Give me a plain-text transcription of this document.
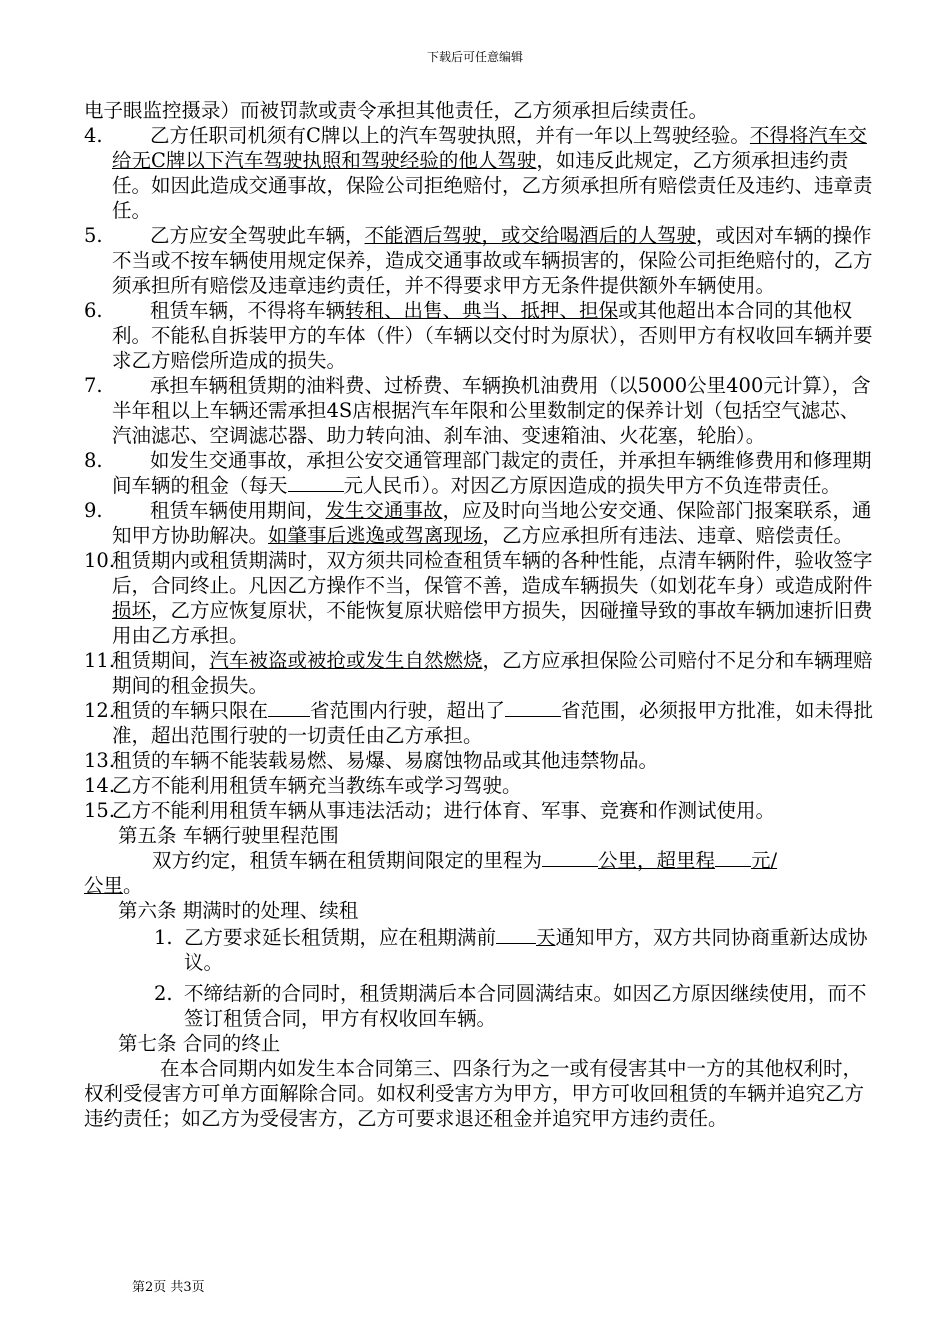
下载后可任意编辑

电子眼监控摄录）而被罚款或责令承担其他责任，乙方须承担后续责任。

4. 乙方任职司机须有C牌以上的汽车驾驶执照，并有一年以上驾驶经验。不得将汽车交给无C牌以下汽车驾驶执照和驾驶经验的他人驾驶，如违反此规定，乙方须承担违约责任。如因此造成交通事故，保险公司拒绝赔付，乙方须承担所有赔偿责任及违约、违章责任。
5. 乙方应安全驾驶此车辆，不能酒后驾驶，或交给喝酒后的人驾驶，或因对车辆的操作不当或不按车辆使用规定保养，造成交通事故或车辆损害的，保险公司拒绝赔付的，乙方须承担所有赔偿及违章违约责任，并不得要求甲方无条件提供额外车辆使用。
6. 租赁车辆，不得将车辆转租、出售、典当、抵押、担保或其他超出本合同的其他权利。不能私自拆装甲方的车体（件）（车辆以交付时为原状），否则甲方有权收回车辆并要求乙方赔偿所造成的损失。
7. 承担车辆租赁期的油料费、过桥费、车辆换机油费用（以5000公里400元计算），含半年租以上车辆还需承担4S店根据汽车年限和公里数制定的保养计划（包括空气滤芯、汽油滤芯、空调滤芯器、助力转向油、刹车油、变速箱油、火花塞，轮胎）。
8. 如发生交通事故，承担公安交通管理部门裁定的责任，并承担车辆维修费用和修理期间车辆的租金（每天	元人民币）。对因乙方原因造成的损失甲方不负连带责任。
9. 租赁车辆使用期间，发生交通事故，应及时向当地公安交通、保险部门报案联系，通知甲方协助解决。如肇事后逃逸或驾离现场，乙方应承担所有违法、违章、赔偿责任。
10.
租赁期内或租赁期满时，双方须共同检查租赁车辆的各种性能，点清车辆附件，验收签字后，合同终止。凡因乙方操作不当，保管不善，造成车辆损失（如划花车身）或造成附件损坏，乙方应恢复原状，不能恢复原状赔偿甲方损失，因碰撞导致的事故车辆加速折旧费用由乙方承担。
11.
租赁期间，汽车被盗或被抢或发生自然燃烧，乙方应承担保险公司赔付不足分和车辆理赔期间的租金损失。
12.
租赁的车辆只限在 省范围内行驶，超出了	省范围，必须报甲方批准，如未得批准，超出范围行驶的一切责任由乙方承担。
13.
租赁的车辆不能装载易燃、易爆、易腐蚀物品或其他违禁物品。
14.
乙方不能利用租赁车辆充当教练车或学习驾驶。
15.
乙方不能利用租赁车辆从事违法活动；进行体育、军事、竞赛和作测试使用。

第五条 车辆行驶里程范围

双方约定，租赁车辆在租赁期间限定的里程为	公里，超里程 元/
公里。

第六条 期满时的处理、续租

1. 乙方要求延长租赁期，应在租期满前 天通知甲方，双方共同协商重新达成协议。
2. 不缔结新的合同时，租赁期满后本合同圆满结束。如因乙方原因继续使用，而不签订租赁合同，甲方有权收回车辆。

第七条 合同的终止

在本合同期内如发生本合同第三、四条行为之一或有侵害其中一方的其他权利时，权利受侵害方可单方面解除合同。如权利受害方为甲方，甲方可收回租赁的车辆并追究乙方违约责任；如乙方为受侵害方，乙方可要求退还租金并追究甲方违约责任。

第2页 共3页
